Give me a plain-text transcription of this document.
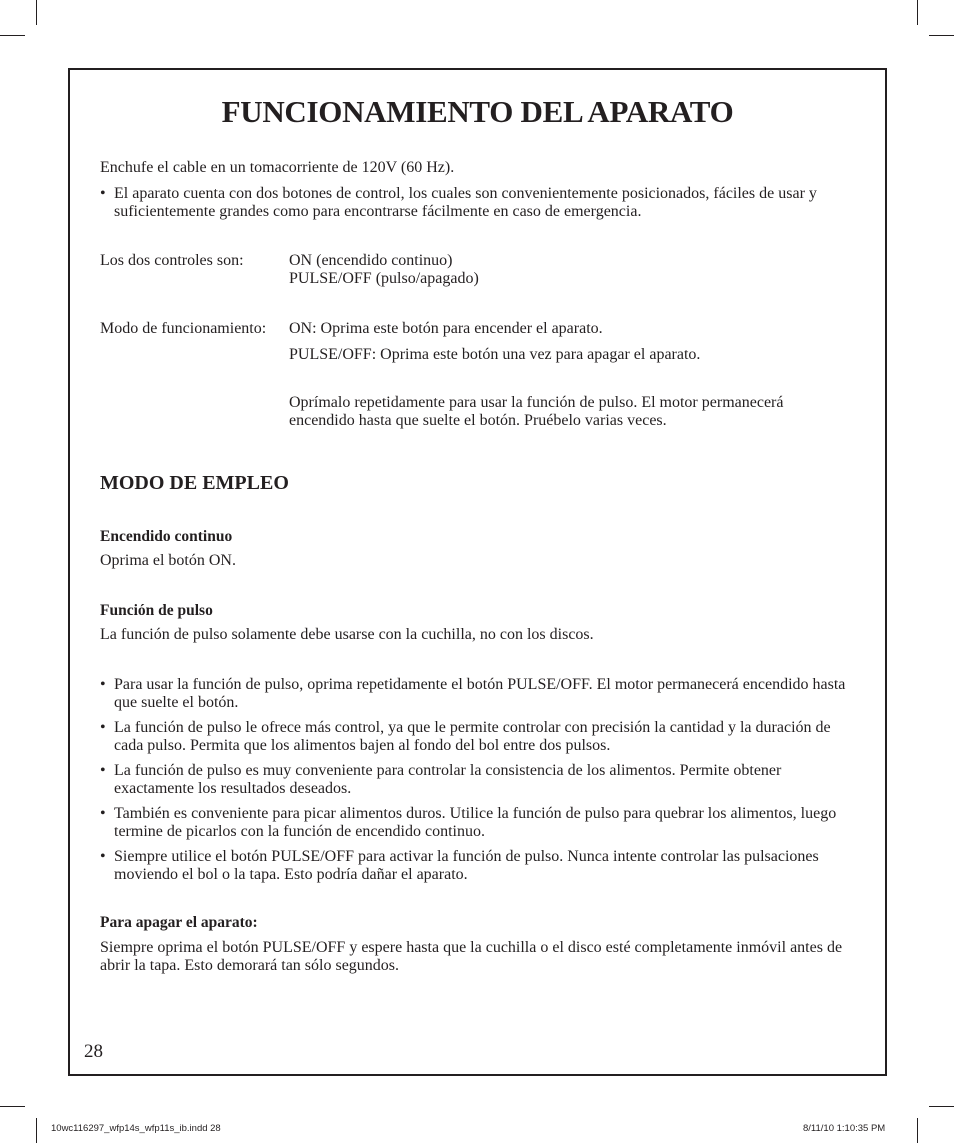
FUNCIONAMIENTO DEL APARATO

Enchufe el cable en un tomacorriente de 120V (60 Hz).

• El aparato cuenta con dos botones de control, los cuales son convenientemente posicionados, fáciles de usar y suficientemente grandes como para encontrarse fácilmente en caso de emergencia.

Los dos controles son:	ON (encendido continuo)

PULSE/OFF (pulso/apagado)

Modo de funcionamiento: ON: Oprima este botón para encender el aparato.

PULSE/OFF: Oprima este botón una vez para apagar el aparato.

Oprímalo repetidamente para usar la función de pulso. El motor permanecerá encendido hasta que suelte el botón. Pruébelo varias veces.

MODO DE EMPLEO
Encendido continuo

Oprima el botón ON.

Función de pulso

La función de pulso solamente debe usarse con la cuchilla, no con los discos.

• Para usar la función de pulso, oprima repetidamente el botón PULSE/OFF. El motor permanecerá encendido hasta que suelte el botón.
• La función de pulso le ofrece más control, ya que le permite controlar con precisión la cantidad y la duración de cada pulso. Permita que los alimentos bajen al fondo del bol entre dos pulsos.
• La función de pulso es muy conveniente para controlar la consistencia de los alimentos. Permite obtener exactamente los resultados deseados.
• También es conveniente para picar alimentos duros. Utilice la función de pulso para quebrar los alimentos, luego termine de picarlos con la función de encendido continuo.
• Siempre utilice el botón PULSE/OFF para activar la función de pulso. Nunca intente controlar las pulsaciones moviendo el bol o la tapa. Esto podría dañar el aparato.
Para apagar el aparato:

Siempre oprima el botón PULSE/OFF y espere hasta que la cuchilla o el disco esté completamente inmóvil antes de abrir la tapa. Esto demorará tan sólo segundos.

28

10wc116297_wfp14s_wfp11s_ib.indd 28	8/11/10 1:10:35 PM
